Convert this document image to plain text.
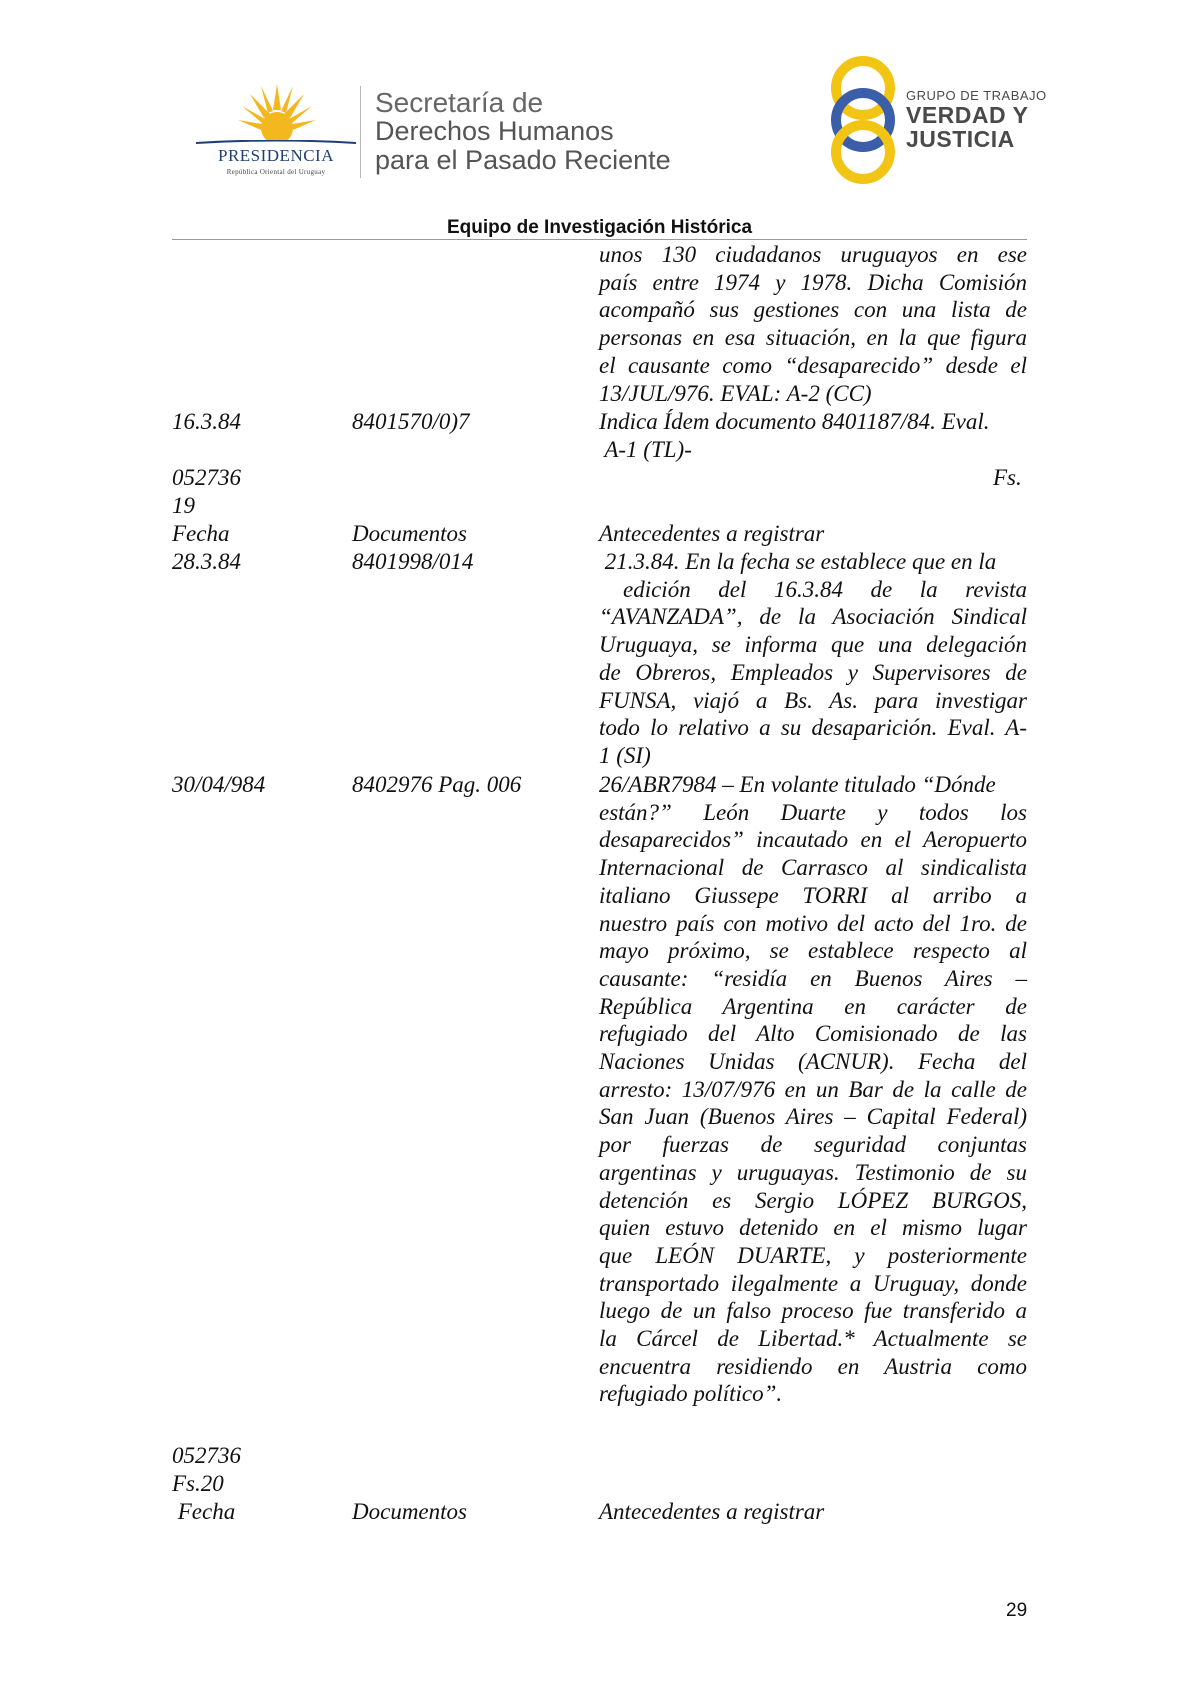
PRESIDENCIA
República Oriental del Uruguay
Secretaría de
Derechos Humanos
para el Pasado Reciente
GRUPO DE TRABAJO
VERDAD Y
JUSTICIA
Equipo de Investigación Histórica
unos 130 ciudadanos uruguayos en ese
país entre 1974 y 1978. Dicha Comisión
acompañó sus gestiones con una lista de
personas en esa situación, en la que figura
el causante como “desaparecido” desde el
13/JUL/976. EVAL: A-2 (CC)
16.3.84	8401570/0)7	Indica Ídem documento 8401187/84. Eval.
A-1 (TL)-
052736
19
Fs.
Fecha	Documentos	Antecedentes a registrar
28.3.84	8401998/014	21.3.84. En la fecha se establece que en la
edición del 16.3.84 de la revista
“AVANZADA”, de la Asociación Sindical
Uruguaya, se informa que una delegación
de Obreros, Empleados y Supervisores de
FUNSA, viajó a Bs. As. para investigar
todo lo relativo a su desaparición. Eval. A-
1 (SI)
30/04/984	8402976 Pag. 006	26/ABR7984 – En volante titulado “Dónde
están?” León Duarte y todos los
desaparecidos” incautado en el Aeropuerto
Internacional de Carrasco al sindicalista
italiano Giussepe TORRI al arribo a
nuestro país con motivo del acto del 1ro. de
mayo próximo, se establece respecto al
causante: “residía en Buenos Aires –
República Argentina en carácter de
refugiado del Alto Comisionado de las
Naciones Unidas (ACNUR). Fecha del
arresto: 13/07/976 en un Bar de la calle de
San Juan (Buenos Aires – Capital Federal)
por fuerzas de seguridad conjuntas
argentinas y uruguayas. Testimonio de su
detención es Sergio LÓPEZ BURGOS,
quien estuvo detenido en el mismo lugar
que LEÓN DUARTE, y posteriormente
transportado ilegalmente a Uruguay, donde
luego de un falso proceso fue transferido a
la Cárcel de Libertad.* Actualmente se
encuentra residiendo en Austria como
refugiado político”.
052736
Fs.20
Fecha	Documentos	Antecedentes a registrar
29
